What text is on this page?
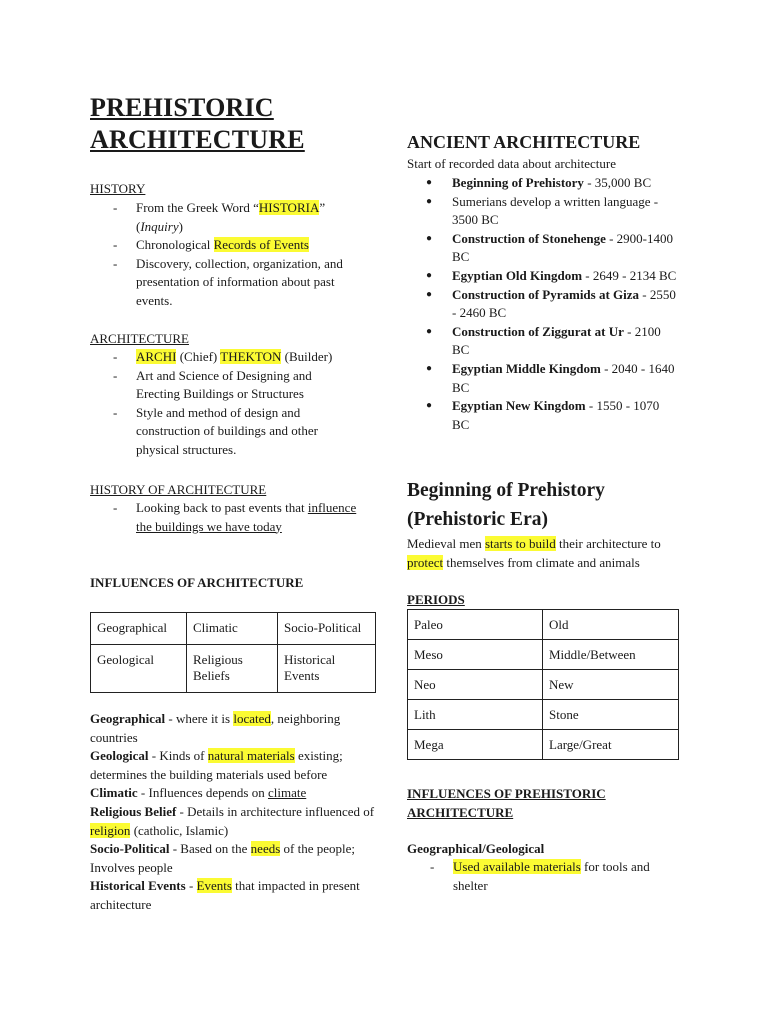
PREHISTORIC
ARCHITECTURE

HISTORY

- From the Greek Word “HISTORIA”
(Inquiry)
- Chronological Records of Events
- Discovery, collection, organization, and presentation of information about past events.

ARCHITECTURE

- ARCHI (Chief) THEKTON (Builder)
- Art and Science of Designing and Erecting Buildings or Structures
- Style and method of design and construction of buildings and other physical structures.

HISTORY OF ARCHITECTURE

- Looking back to past events that influence the buildings we have today

INFLUENCES OF ARCHITECTURE

Geographical	Climatic	Socio-Political
Geological	Religious Beliefs	Historical Events

Geographical - where it is located, neighboring countries

Geological - Kinds of natural materials existing; determines the building materials used before

Climatic - Influences depends on climate

Religious Belief - Details in architecture influenced of religion (catholic, Islamic)

Socio-Political - Based on the needs of the people; Involves people

Historical Events - Events that impacted in present architecture

ANCIENT ARCHITECTURE

Start of recorded data about architecture

● Beginning of Prehistory - 35,000 BC
● Sumerians develop a written language - 3500 BC
● Construction of Stonehenge - 2900-1400 BC
● Egyptian Old Kingdom - 2649 - 2134 BC
● Construction of Pyramids at Giza - 2550 - 2460 BC
● Construction of Ziggurat at Ur - 2100 BC
● Egyptian Middle Kingdom - 2040 - 1640 BC
● Egyptian New Kingdom - 1550 - 1070 BC
Beginning of Prehistory
(Prehistoric Era)

Medieval men starts to build their architecture to protect themselves from climate and animals

PERIODS

Paleo	Old
Meso	Middle/Between
Neo	New
Lith	Stone
Mega	Large/Great

INFLUENCES OF PREHISTORIC
ARCHITECTURE

Geographical/Geological

- Used available materials for tools and shelter
